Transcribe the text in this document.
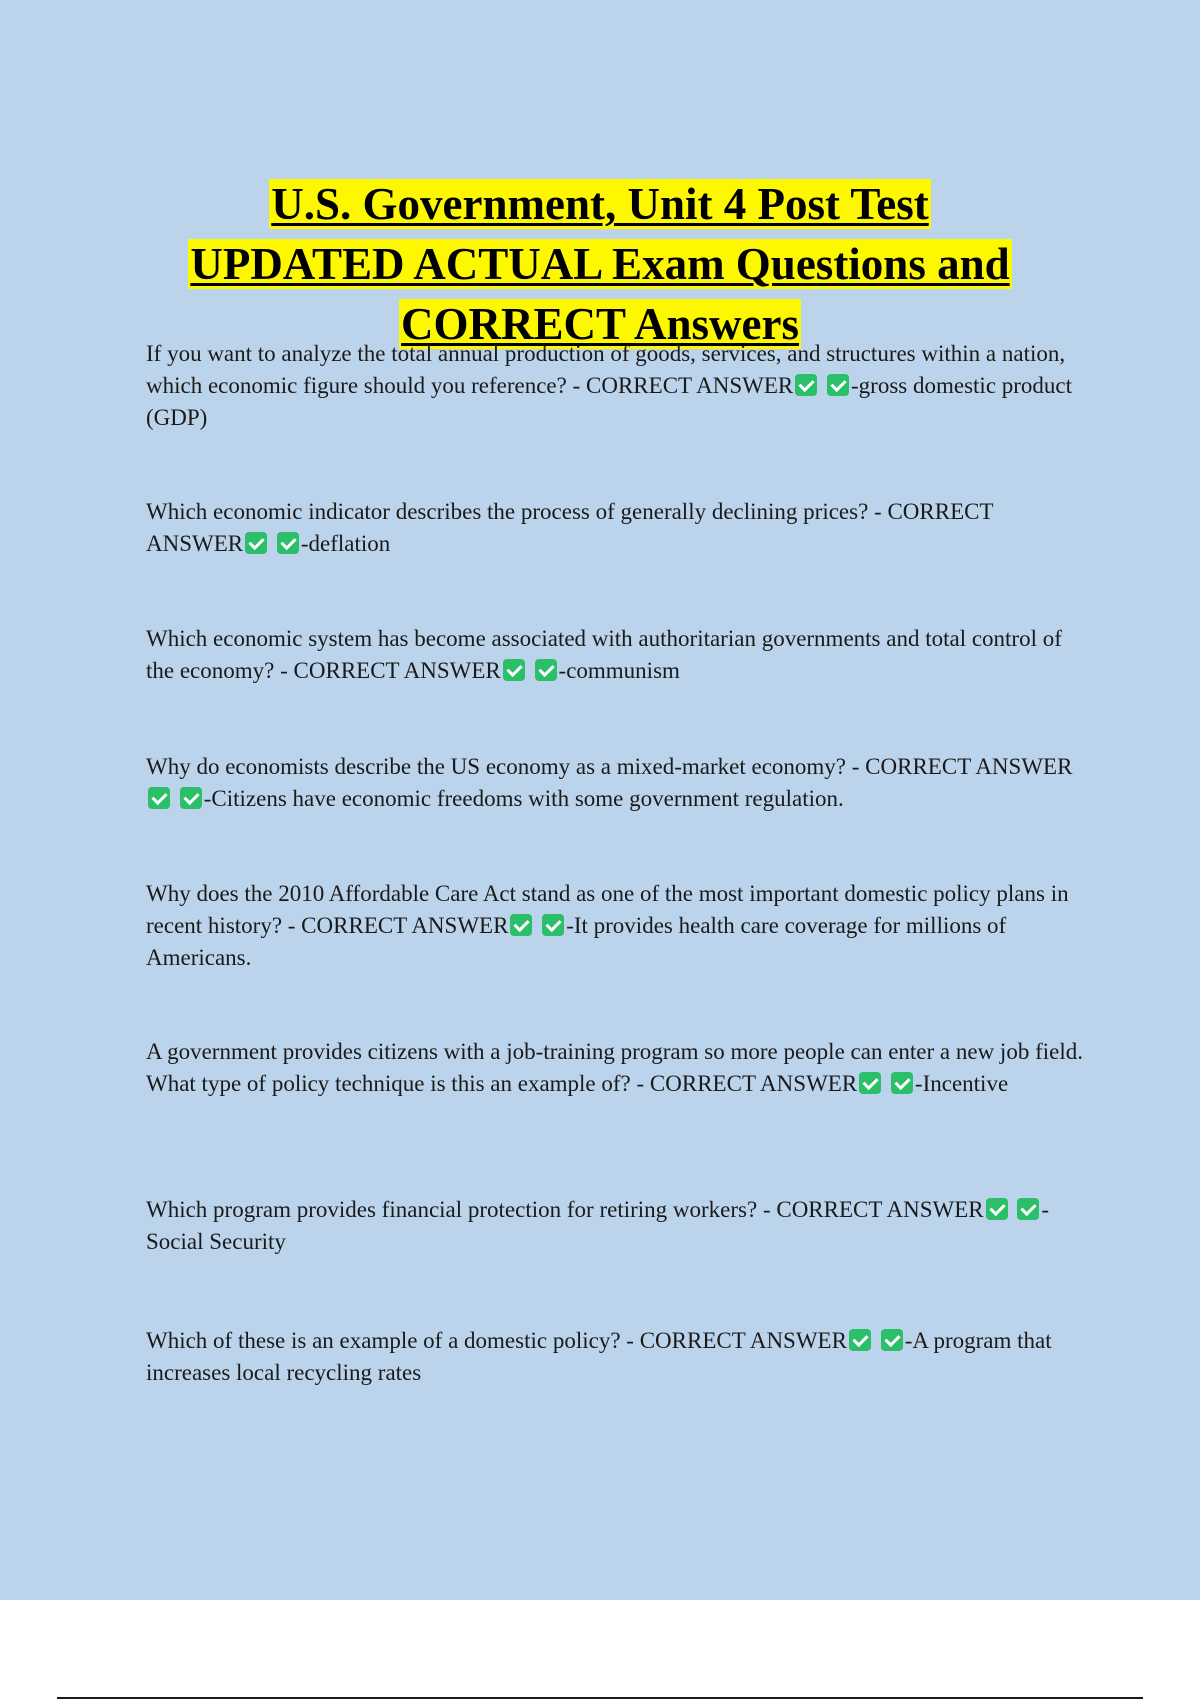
U.S. Government, Unit 4 Post Test
UPDATED ACTUAL Exam Questions and
CORRECT Answers

If you want to analyze the total annual production of goods, services, and structures within a nation, which economic figure should you reference? - CORRECT ANSWER	-gross domestic product (GDP)

Which economic indicator describes the process of generally declining prices? - CORRECT ANSWER	-deflation

Which economic system has become associated with authoritarian governments and total control of the economy? - CORRECT ANSWER	-communism

Why do economists describe the US economy as a mixed-market economy? - CORRECT ANSWER -Citizens have economic freedoms with some government regulation.

Why does the 2010 Affordable Care Act stand as one of the most important domestic policy plans in recent history? - CORRECT ANSWER	-It provides health care coverage for millions of Americans.

A government provides citizens with a job-training program so more people can enter a new job field. What type of policy technique is this an example of? - CORRECT ANSWER	-Incentive

Which program provides financial protection for retiring workers? - CORRECT ANSWER	-Social Security

Which of these is an example of a domestic policy? - CORRECT ANSWER	-A program that increases local recycling rates
